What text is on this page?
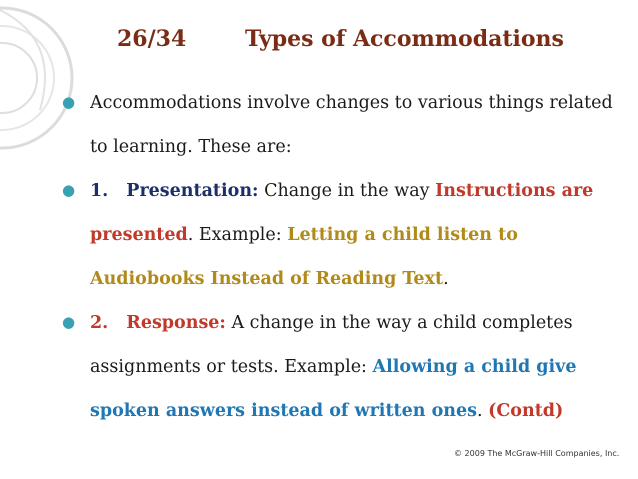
26/34	Types of Accommodations
● Accommodations involve changes to various things related to learning. These are:
● 1. Presentation: Change in the way Instructions are presented. Example: Letting a child listen to Audiobooks Instead of Reading Text.
● 2. Response: A change in the way a child completes assignments or tests. Example: Allowing a child give spoken answers instead of written ones. (Contd)
© 2009 The McGraw-Hill Companies, Inc.
